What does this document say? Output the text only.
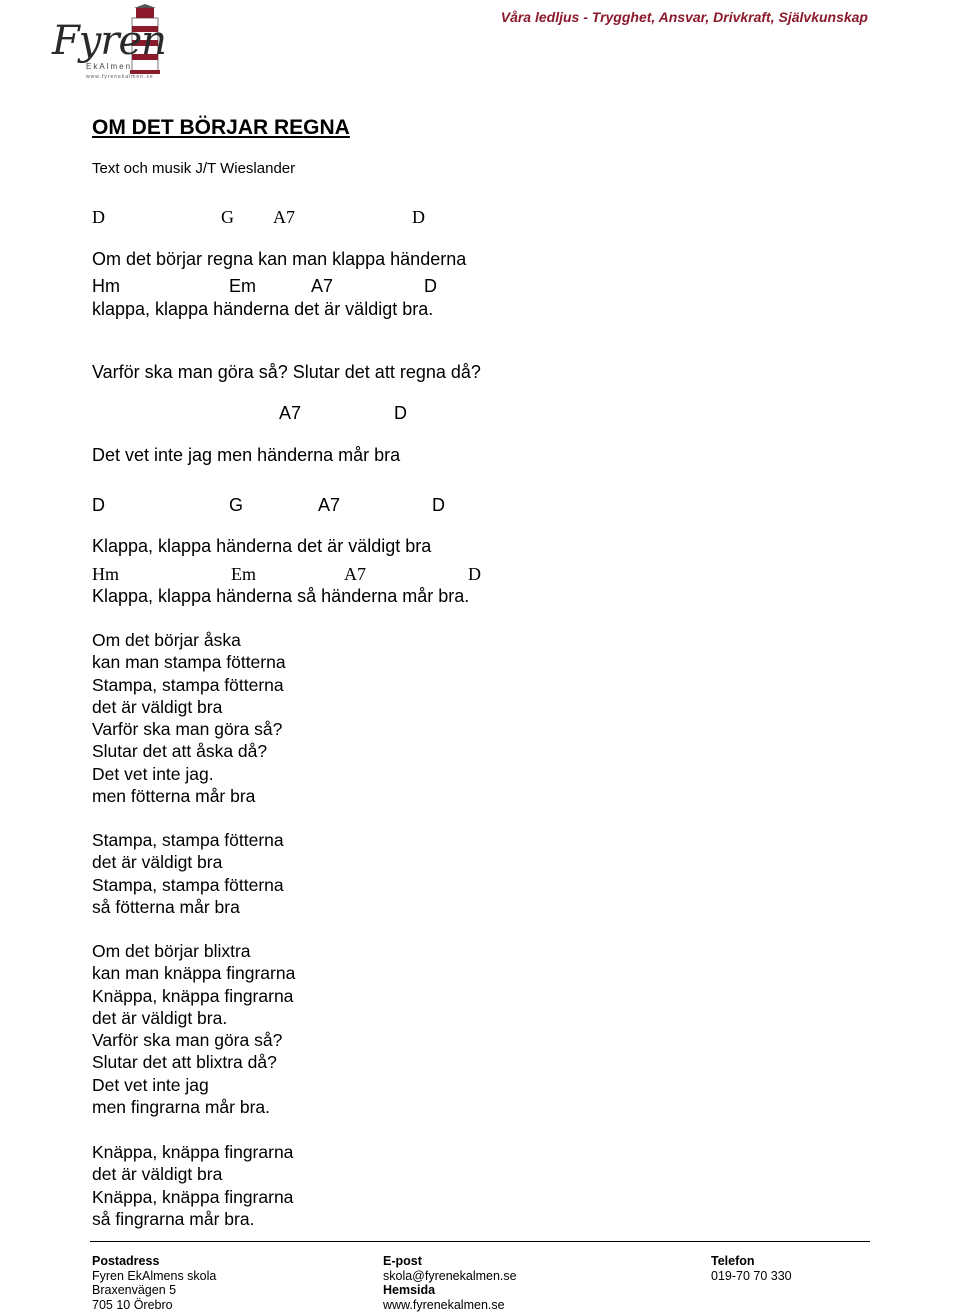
Fyren
EkAlmen
www.fyrenekalmen.se
Våra ledljus - Trygghet, Ansvar, Drivkraft, Självkunskap
OM DET BÖRJAR REGNA
Text och musik J/T Wieslander
D	G A7	D
Om det börjar regna kan man klappa händerna
Hm	Em	A7	D
klappa, klappa händerna det är väldigt bra.
Varför ska man göra så? Slutar det att regna då?
A7	D
Det vet inte jag men händerna mår bra
D	G	A7	D
Klappa, klappa händerna det är väldigt bra
Hm	Em	A7	D
Klappa, klappa händerna så händerna mår bra.
Om det börjar åska
kan man stampa fötterna
Stampa, stampa fötterna
det är väldigt bra
Varför ska man göra så?
Slutar det att åska då?
Det vet inte jag.
men fötterna mår bra
Stampa, stampa fötterna
det är väldigt bra
Stampa, stampa fötterna
så fötterna mår bra
Om det börjar blixtra
kan man knäppa fingrarna
Knäppa, knäppa fingrarna
det är väldigt bra.
Varför ska man göra så?
Slutar det att blixtra då?
Det vet inte jag
men fingrarna mår bra.
Knäppa, knäppa fingrarna
det är väldigt bra
Knäppa, knäppa fingrarna
så fingrarna mår bra.
Postadress
Fyren EkAlmens skola
Braxenvägen 5
705 10 Örebro
E-post
skola@fyrenekalmen.se
Hemsida
www.fyrenekalmen.se
Telefon
019-70 70 330
